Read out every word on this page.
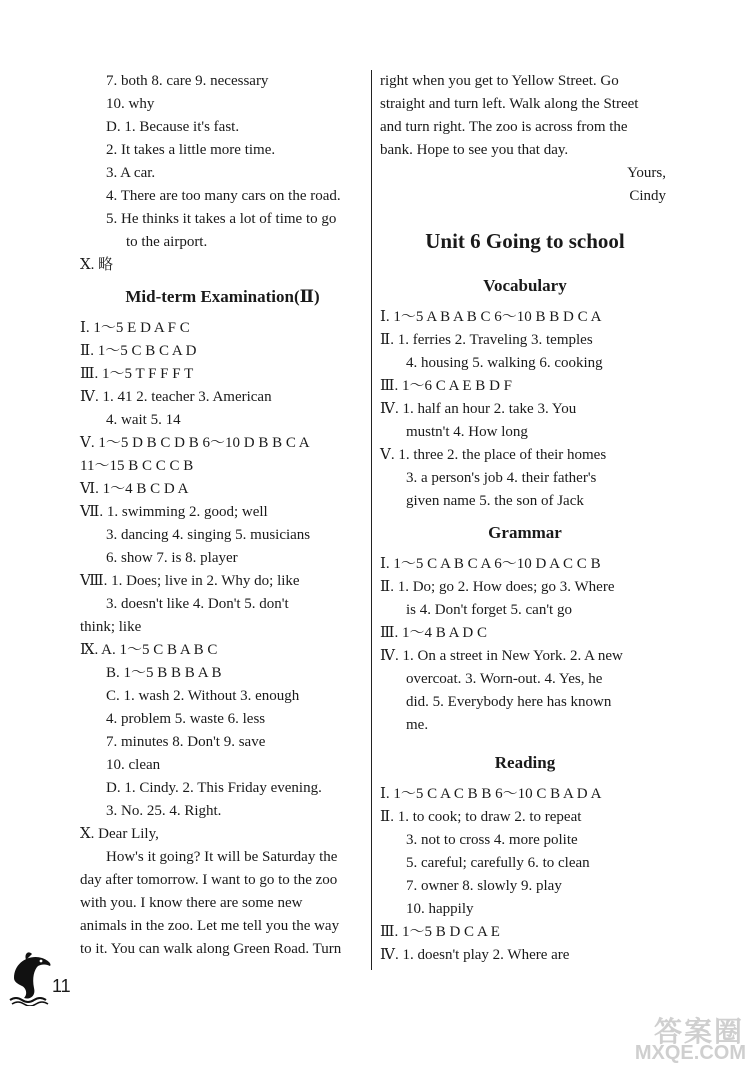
7. both 8. care 9. necessary
10. why
D. 1. Because it's fast.
2. It takes a little more time.
3. A car.
4. There are too many cars on the road.
5. He thinks it takes a lot of time to go
to the airport.
Ⅹ. 略
Mid-term Examination(Ⅱ)
Ⅰ. 1～5 E D A F C
Ⅱ. 1～5 C B C A D
Ⅲ. 1～5 T F F F T
Ⅳ. 1. 41 2. teacher 3. American
4. wait 5. 14
Ⅴ. 1～5 D B C D B 6～10 D B B C A
11～15 B C C C B
Ⅵ. 1～4 B C D A
Ⅶ. 1. swimming 2. good; well
3. dancing 4. singing 5. musicians
6. show 7. is 8. player
Ⅷ. 1. Does; live in 2. Why do; like
3. doesn't like 4. Don't 5. don't
think; like
Ⅸ. A. 1～5 C B A B C
B. 1～5 B B B A B
C. 1. wash 2. Without 3. enough
4. problem 5. waste 6. less
7. minutes 8. Don't 9. save
10. clean
D. 1. Cindy. 2. This Friday evening.
3. No. 25. 4. Right.
Ⅹ. Dear Lily,
How's it going? It will be Saturday the
day after tomorrow. I want to go to the zoo
with you. I know there are some new
animals in the zoo. Let me tell you the way
to it. You can walk along Green Road. Turn
right when you get to Yellow Street. Go
straight and turn left. Walk along the Street
and turn right. The zoo is across from the
bank. Hope to see you that day.
Yours,
Cindy
Unit 6 Going to school
Vocabulary
Ⅰ. 1～5 A B A B C 6～10 B B D C A
Ⅱ. 1. ferries 2. Traveling 3. temples
4. housing 5. walking 6. cooking
Ⅲ. 1～6 C A E B D F
Ⅳ. 1. half an hour 2. take 3. You
mustn't 4. How long
Ⅴ. 1. three 2. the place of their homes
3. a person's job 4. their father's
given name 5. the son of Jack
Grammar
Ⅰ. 1～5 C A B C A 6～10 D A C C B
Ⅱ. 1. Do; go 2. How does; go 3. Where
is 4. Don't forget 5. can't go
Ⅲ. 1～4 B A D C
Ⅳ. 1. On a street in New York. 2. A new
overcoat. 3. Worn-out. 4. Yes, he
did. 5. Everybody here has known
me.
Reading
Ⅰ. 1～5 C A C B B 6～10 C B A D A
Ⅱ. 1. to cook; to draw 2. to repeat
3. not to cross 4. more polite
5. careful; carefully 6. to clean
7. owner 8. slowly 9. play
10. happily
Ⅲ. 1～5 B D C A E
Ⅳ. 1. doesn't play 2. Where are
11
答案圈
MXQE.COM
